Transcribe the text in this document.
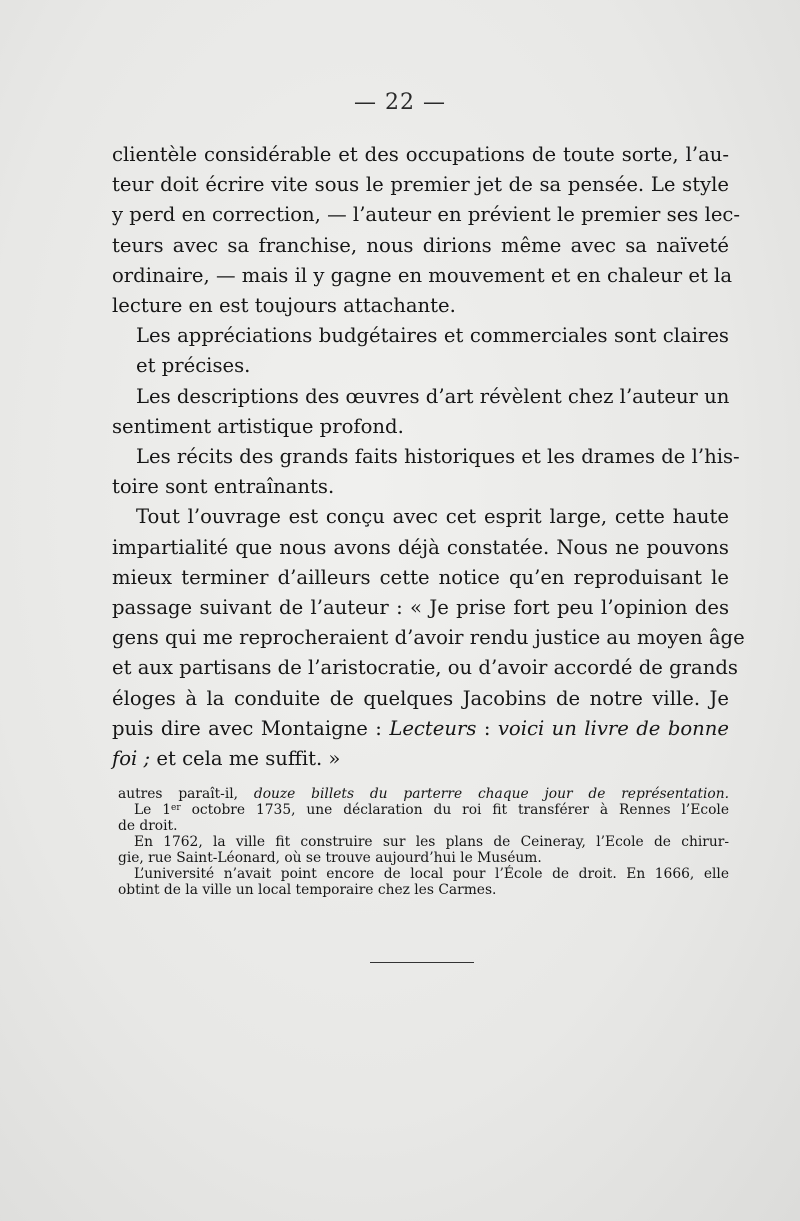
— 22 —

clientèle considérable et des occupations de toute sorte, l’au-
teur doit écrire vite sous le premier jet de sa pensée. Le style
y perd en correction, — l’auteur en prévient le premier ses lec-
teurs avec sa franchise, nous dirions même avec sa naïveté
ordinaire, — mais il y gagne en mouvement et en chaleur et la
lecture en est toujours attachante.

Les appréciations budgétaires et commerciales sont claires
et précises.

Les descriptions des œuvres d’art révèlent chez l’auteur un
sentiment artistique profond.

Les récits des grands faits historiques et les drames de l’his-
toire sont entraînants.

Tout l’ouvrage est conçu avec cet esprit large, cette haute
impartialité que nous avons déjà constatée. Nous ne pouvons
mieux terminer d’ailleurs cette notice qu’en reproduisant le
passage suivant de l’auteur : « Je prise fort peu l’opinion des
gens qui me reprocheraient d’avoir rendu justice au moyen âge
et aux partisans de l’aristocratie, ou d’avoir accordé de grands
éloges à la conduite de quelques Jacobins de notre ville. Je
puis dire avec Montaigne : Lecteurs : voici un livre de bonne
foi ; et cela me suffit. »

autres paraît-il, douze billets du parterre chaque jour de représentation.
Le 1er octobre 1735, une déclaration du roi fit transférer à Rennes l’Ecole
de droit.
En 1762, la ville fit construire sur les plans de Ceineray, l’Ecole de chirur-
gie, rue Saint-Léonard, où se trouve aujourd’hui le Muséum.
L’université n’avait point encore de local pour l’École de droit. En 1666, elle
obtint de la ville un local temporaire chez les Carmes.
